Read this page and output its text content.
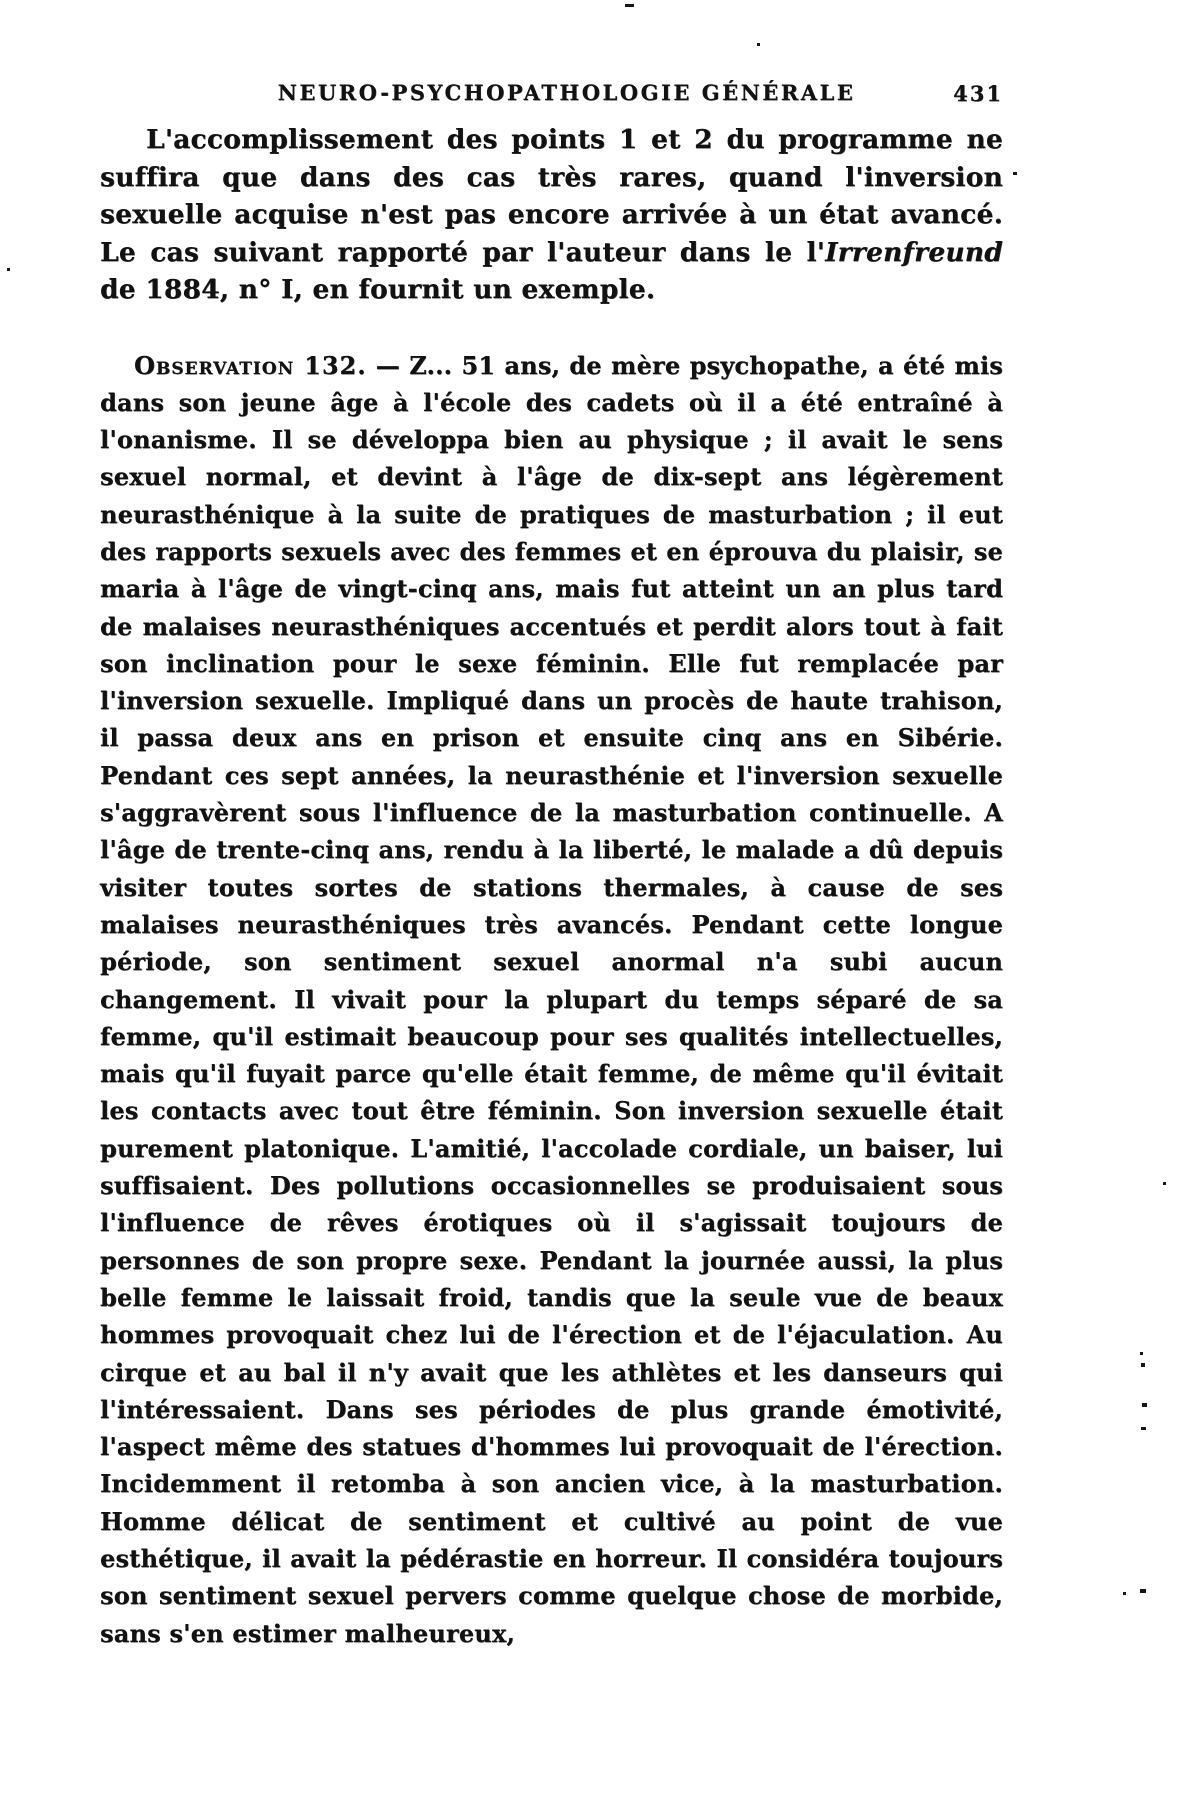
NEURO-PSYCHOPATHOLOGIE GÉNÉRALE	431

L'accomplissement des points 1 et 2 du programme ne suffira que dans des cas très rares, quand l'inversion sexuelle acquise n'est pas encore arrivée à un état avancé. Le cas suivant rapporté par l'auteur dans le l'Irrenfreund de 1884, n° I, en fournit un exemple.

Observation 132. — Z... 51 ans, de mère psychopathe, a été mis dans son jeune âge à l'école des cadets où il a été entraîné à l'onanisme. Il se développa bien au physique ; il avait le sens sexuel normal, et devint à l'âge de dix-sept ans légèrement neurasthénique à la suite de pratiques de masturbation ; il eut des rapports sexuels avec des femmes et en éprouva du plaisir, se maria à l'âge de vingt-cinq ans, mais fut atteint un an plus tard de malaises neurasthéniques accentués et perdit alors tout à fait son inclination pour le sexe féminin. Elle fut remplacée par l'inversion sexuelle. Impliqué dans un procès de haute trahison, il passa deux ans en prison et ensuite cinq ans en Sibérie. Pendant ces sept années, la neurasthénie et l'inversion sexuelle s'aggravèrent sous l'influence de la masturbation continuelle. A l'âge de trente-cinq ans, rendu à la liberté, le malade a dû depuis visiter toutes sortes de stations thermales, à cause de ses malaises neurasthéniques très avancés. Pendant cette longue période, son sentiment sexuel anormal n'a subi aucun changement. Il vivait pour la plupart du temps séparé de sa femme, qu'il estimait beaucoup pour ses qualités intellectuelles, mais qu'il fuyait parce qu'elle était femme, de même qu'il évitait les contacts avec tout être féminin. Son inversion sexuelle était purement platonique. L'amitié, l'accolade cordiale, un baiser, lui suffisaient. Des pollutions occasionnelles se produisaient sous l'influence de rêves érotiques où il s'agissait toujours de personnes de son propre sexe. Pendant la journée aussi, la plus belle femme le laissait froid, tandis que la seule vue de beaux hommes provoquait chez lui de l'érection et de l'éjaculation. Au cirque et au bal il n'y avait que les athlètes et les danseurs qui l'intéressaient. Dans ses périodes de plus grande émotivité, l'aspect même des statues d'hommes lui provoquait de l'érection. Incidemment il retomba à son ancien vice, à la masturbation. Homme délicat de sentiment et cultivé au point de vue esthétique, il avait la pédérastie en horreur. Il considéra toujours son sentiment sexuel pervers comme quelque chose de morbide, sans s'en estimer malheureux,
